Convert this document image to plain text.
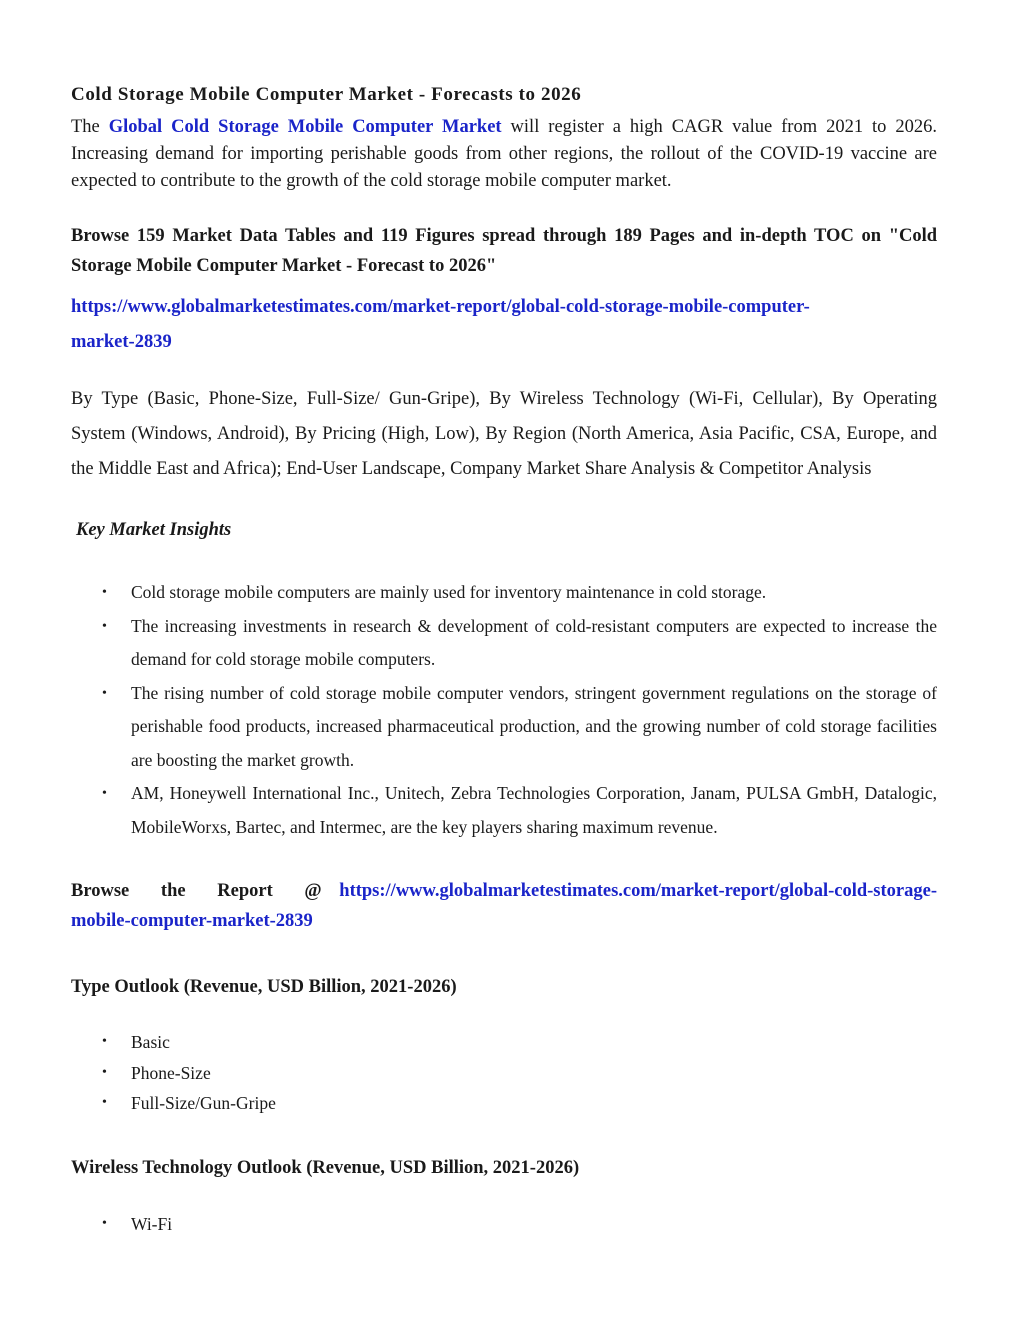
Cold Storage Mobile Computer Market - Forecasts to 2026

The Global Cold Storage Mobile Computer Market will register a high CAGR value from 2021 to 2026. Increasing demand for importing perishable goods from other regions, the rollout of the COVID-19 vaccine are expected to contribute to the growth of the cold storage mobile computer market.

Browse 159 Market Data Tables and 119 Figures spread through 189 Pages and in-depth TOC on "Cold Storage Mobile Computer Market - Forecast to 2026"

https://www.globalmarketestimates.com/market-report/global-cold-storage-mobile-computer-
market-2839

By Type (Basic, Phone-Size, Full-Size/ Gun-Gripe), By Wireless Technology (Wi-Fi, Cellular), By Operating System (Windows, Android), By Pricing (High, Low), By Region (North America, Asia Pacific, CSA, Europe, and the Middle East and Africa); End-User Landscape, Company Market Share Analysis & Competitor Analysis

Key Market Insights
• Cold storage mobile computers are mainly used for inventory maintenance in cold storage.
• The increasing investments in research & development of cold-resistant computers are expected to increase the demand for cold storage mobile computers.
• The rising number of cold storage mobile computer vendors, stringent government regulations on the storage of perishable food products, increased pharmaceutical production, and the growing number of cold storage facilities are boosting the market growth.
• AM, Honeywell International Inc., Unitech, Zebra Technologies Corporation, Janam, PULSA GmbH, Datalogic, MobileWorxs, Bartec, and Intermec, are the key players sharing maximum revenue.

Browse the Report @ https://www.globalmarketestimates.com/market-report/global-cold-storage-mobile-computer-market-2839

Type Outlook (Revenue, USD Billion, 2021-2026)
• Basic
• Phone-Size
• Full-Size/Gun-Gripe
Wireless Technology Outlook (Revenue, USD Billion, 2021-2026)
• Wi-Fi
